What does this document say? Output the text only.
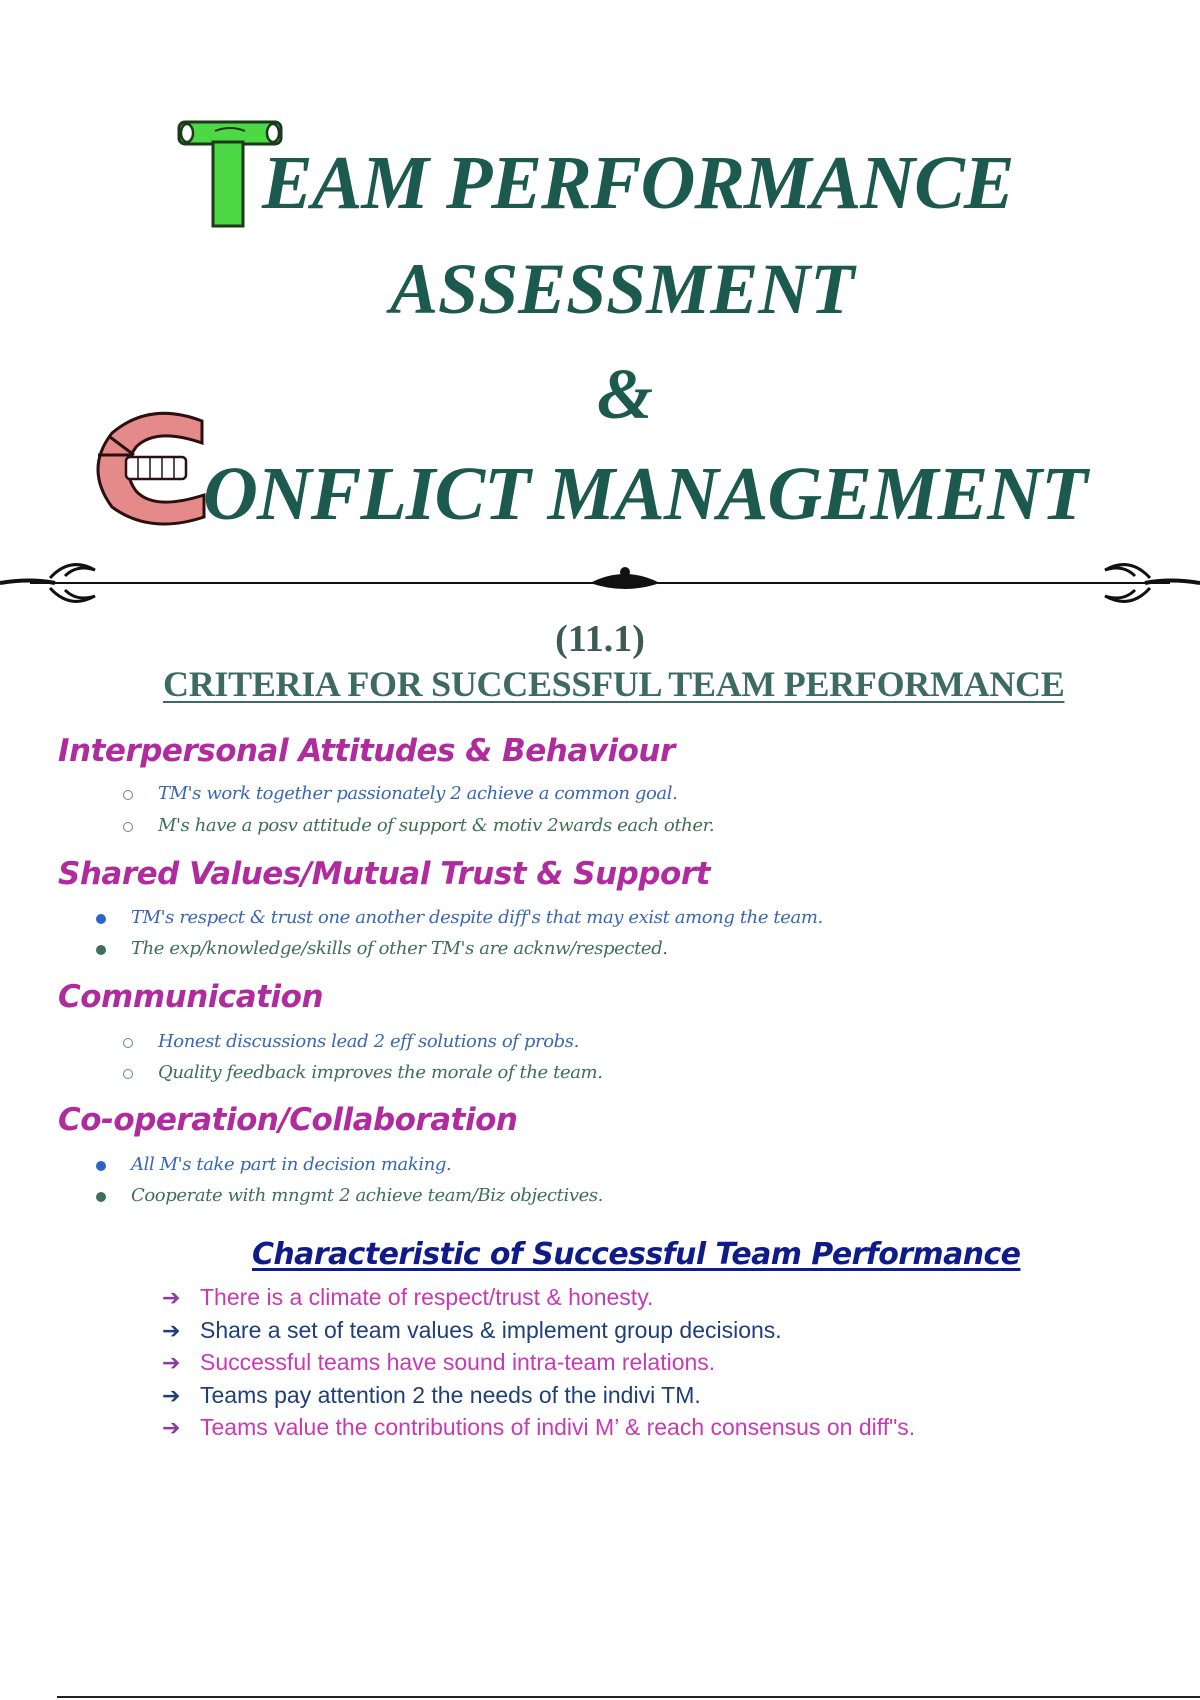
EAM PERFORMANCE
ASSESSMENT
&
ONFLICT MANAGEMENT
(11.1)
CRITERIA FOR SUCCESSFUL TEAM PERFORMANCE
Interpersonal Attitudes & Behaviour
TM's work together passionately 2 achieve a common goal.
M's have a posv attitude of support & motiv 2wards each other.
Shared Values/Mutual Trust & Support
TM's respect & trust one another despite diff's that may exist among the team.
The exp/knowledge/skills of other TM's are acknw/respected.
Communication
Honest discussions lead 2 eff solutions of probs.
Quality feedback improves the morale of the team.
Co-operation/Collaboration
All M's take part in decision making.
Cooperate with mngmt 2 achieve team/Biz objectives.
Characteristic of Successful Team Performance
➔ There is a climate of respect/trust & honesty.
➔ Share a set of team values & implement group decisions.
➔ Successful teams have sound intra-team relations.
➔ Teams pay attention 2 the needs of the indivi TM.
➔ Teams value the contributions of indivi M’ & reach consensus on diff"s.
